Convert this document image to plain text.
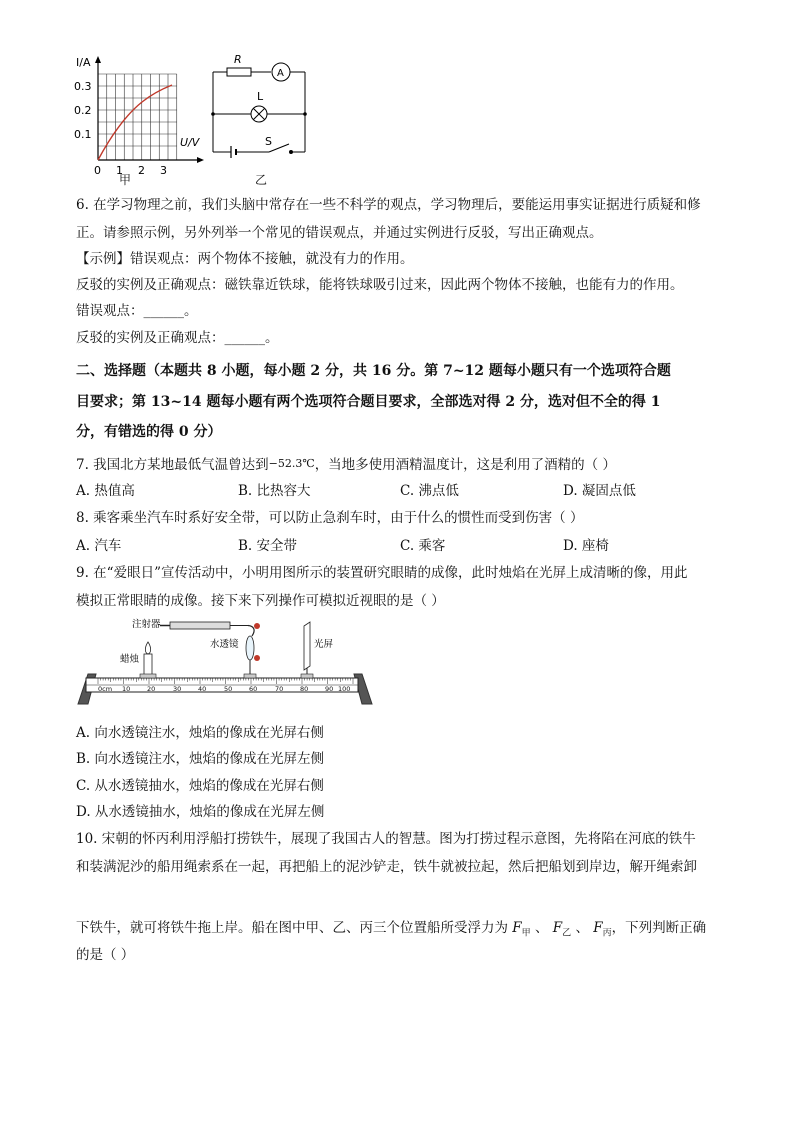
I/A
0.3
0.2
0.1
0 1 2 3
U/V
甲
R
A
L
S
乙
6. 在学习物理之前，我们头脑中常存在一些不科学的观点，学习物理后，要能运用事实证据进行质疑和修
正。请参照示例，另外列举一个常见的错误观点，并通过实例进行反驳，写出正确观点。
【示例】错误观点：两个物体不接触，就没有力的作用。
反驳的实例及正确观点：磁铁靠近铁球，能将铁球吸引过来，因此两个物体不接触，也能有力的作用。
错误观点：______。
反驳的实例及正确观点：______。
二、选择题（本题共 8 小题，每小题 2 分，共 16 分。第 7~12 题每小题只有一个选项符合题
目要求；第 13~14 题每小题有两个选项符合题目要求，全部选对得 2 分，选对但不全的得 1
分，有错选的得 0 分）
7. 我国北方某地最低气温曾达到−52.3℃，当地多使用酒精温度计，这是利用了酒精的（ ）
A. 热值高	B. 比热容大	C. 沸点低	D. 凝固点低
8. 乘客乘坐汽车时系好安全带，可以防止急刹车时，由于什么的惯性而受到伤害（ ）
A. 汽车	B. 安全带	C. 乘客	D. 座椅
9. 在“爱眼日”宣传活动中，小明用图所示的装置研究眼睛的成像，此时烛焰在光屏上成清晰的像，用此
模拟正常眼睛的成像。接下来下列操作可模拟近视眼的是（ ）
0cm 10	20	30	40	50	60	70	80	90 100
注射器
水透镜
蜡烛
光屏
A. 向水透镜注水，烛焰的像成在光屏右侧
B. 向水透镜注水，烛焰的像成在光屏左侧
C. 从水透镜抽水，烛焰的像成在光屏右侧
D. 从水透镜抽水，烛焰的像成在光屏左侧
10. 宋朝的怀丙利用浮船打捞铁牛，展现了我国古人的智慧。图为打捞过程示意图，先将陷在河底的铁牛
和装满泥沙的船用绳索系在一起，再把船上的泥沙铲走，铁牛就被拉起，然后把船划到岸边，解开绳索卸
下铁牛，就可将铁牛拖上岸。船在图中甲、乙、丙三个位置船所受浮力为 $F_甲$ 、 $F_乙$ 、 $F_丙$，下列判断正确
的是（ ）
